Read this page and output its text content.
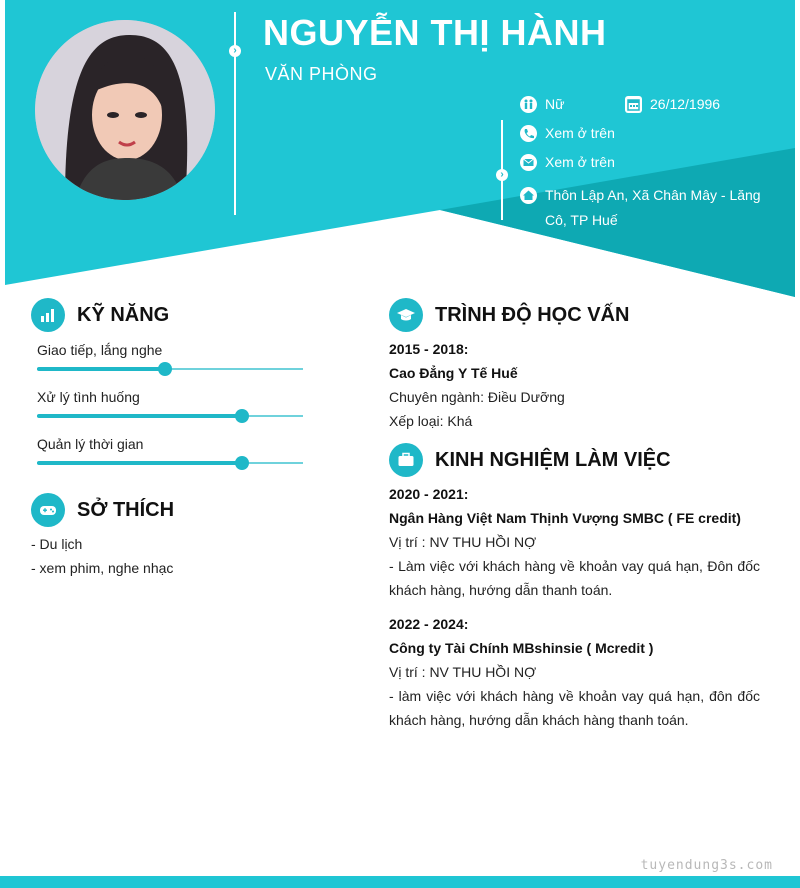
›
›
NGUYỄN THỊ HÀNH
VĂN PHÒNG
Nữ	26/12/1996
Xem ở trên
Xem ở trên
Thôn Lập An, Xã Chân Mây - Lăng
Cô, TP Huế
KỸ NĂNG
Giao tiếp, lắng nghe
Xử lý tình huống
Quản lý thời gian
SỞ THÍCH
- Du lịch
- xem phim, nghe nhạc
TRÌNH ĐỘ HỌC VẤN
2015 - 2018:
Cao Đẳng Y Tế Huế
Chuyên ngành: Điều Dưỡng
Xếp loại: Khá
KINH NGHIỆM LÀM VIỆC
2020 - 2021:
Ngân Hàng Việt Nam Thịnh Vượng SMBC ( FE credit)
Vị trí : NV THU HỒI NỢ
- Làm việc với khách hàng về khoản vay quá hạn, Đôn đốc khách hàng, hướng dẫn thanh toán.
2022 - 2024:
Công ty Tài Chính MBshinsie ( Mcredit )
Vị trí : NV THU HỒI NỢ
- làm việc với khách hàng về khoản vay quá hạn, đôn đốc khách hàng, hướng dẫn khách hàng thanh toán.
tuyendung3s.com
